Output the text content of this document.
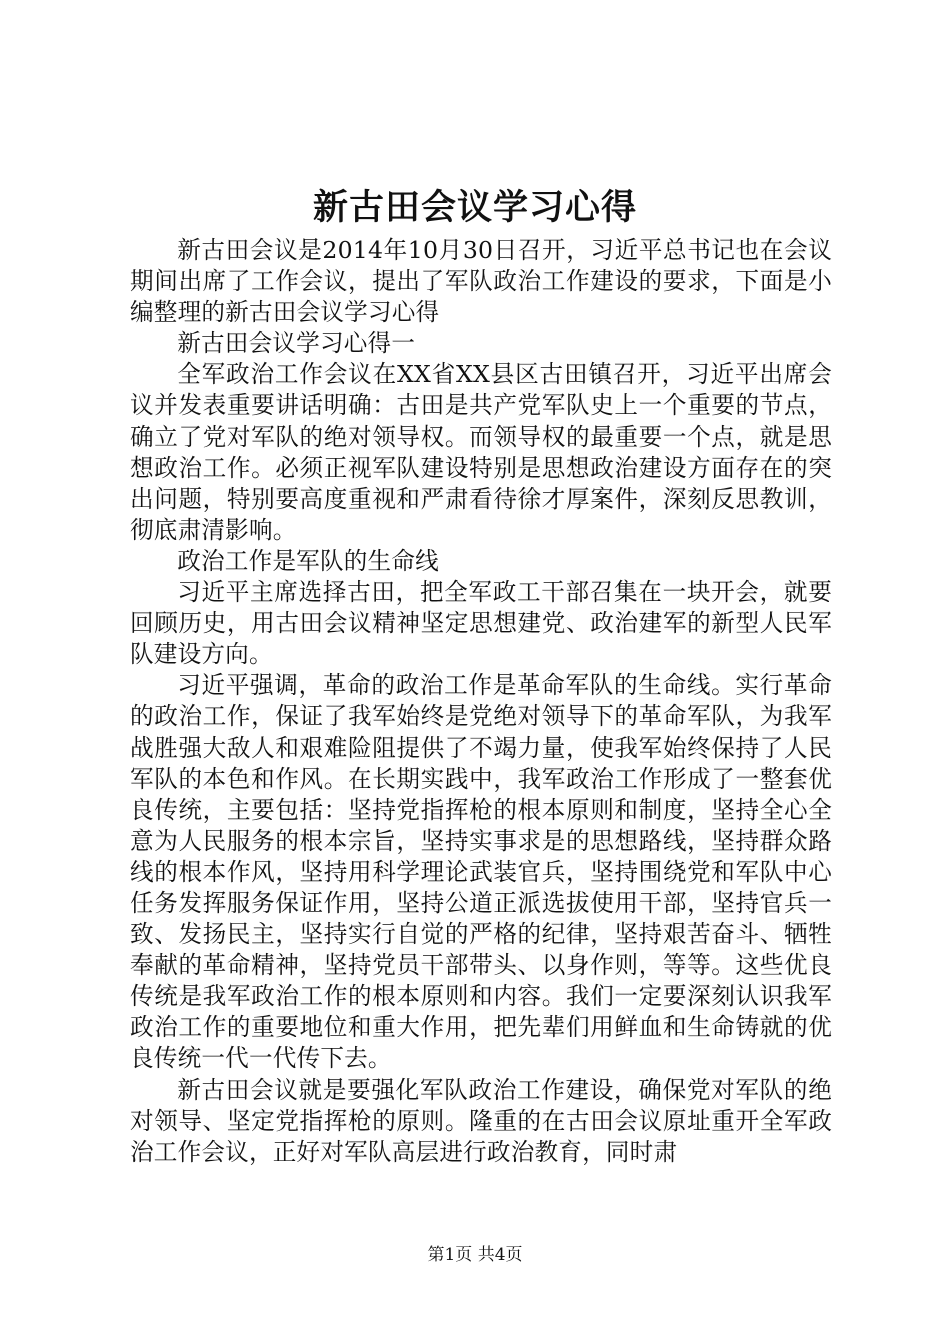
新古田会议学习心得

新古田会议是2014年10月30日召开，习近平总书记也在会议期间出席了工作会议，提出了军队政治工作建设的要求，下面是小编整理的新古田会议学习心得

新古田会议学习心得一

全军政治工作会议在XX省XX县区古田镇召开，习近平出席会议并发表重要讲话明确：古田是共产党军队史上一个重要的节点，确立了党对军队的绝对领导权。而领导权的最重要一个点，就是思想政治工作。必须正视军队建设特别是思想政治建设方面存在的突出问题，特别要高度重视和严肃看待徐才厚案件，深刻反思教训，彻底肃清影响。

政治工作是军队的生命线

习近平主席选择古田，把全军政工干部召集在一块开会，就要回顾历史，用古田会议精神坚定思想建党、政治建军的新型人民军队建设方向。

习近平强调，革命的政治工作是革命军队的生命线。实行革命的政治工作，保证了我军始终是党绝对领导下的革命军队，为我军战胜强大敌人和艰难险阻提供了不竭力量，使我军始终保持了人民军队的本色和作风。在长期实践中，我军政治工作形成了一整套优良传统，主要包括：坚持党指挥枪的根本原则和制度，坚持全心全意为人民服务的根本宗旨，坚持实事求是的思想路线，坚持群众路线的根本作风，坚持用科学理论武装官兵，坚持围绕党和军队中心任务发挥服务保证作用，坚持公道正派选拔使用干部，坚持官兵一致、发扬民主，坚持实行自觉的严格的纪律，坚持艰苦奋斗、牺牲奉献的革命精神，坚持党员干部带头、以身作则，等等。这些优良传统是我军政治工作的根本原则和内容。我们一定要深刻认识我军政治工作的重要地位和重大作用，把先辈们用鲜血和生命铸就的优良传统一代一代传下去。

新古田会议就是要强化军队政治工作建设，确保党对军队的绝对领导、坚定党指挥枪的原则。隆重的在古田会议原址重开全军政治工作会议，正好对军队高层进行政治教育，同时肃

第1页 共4页
